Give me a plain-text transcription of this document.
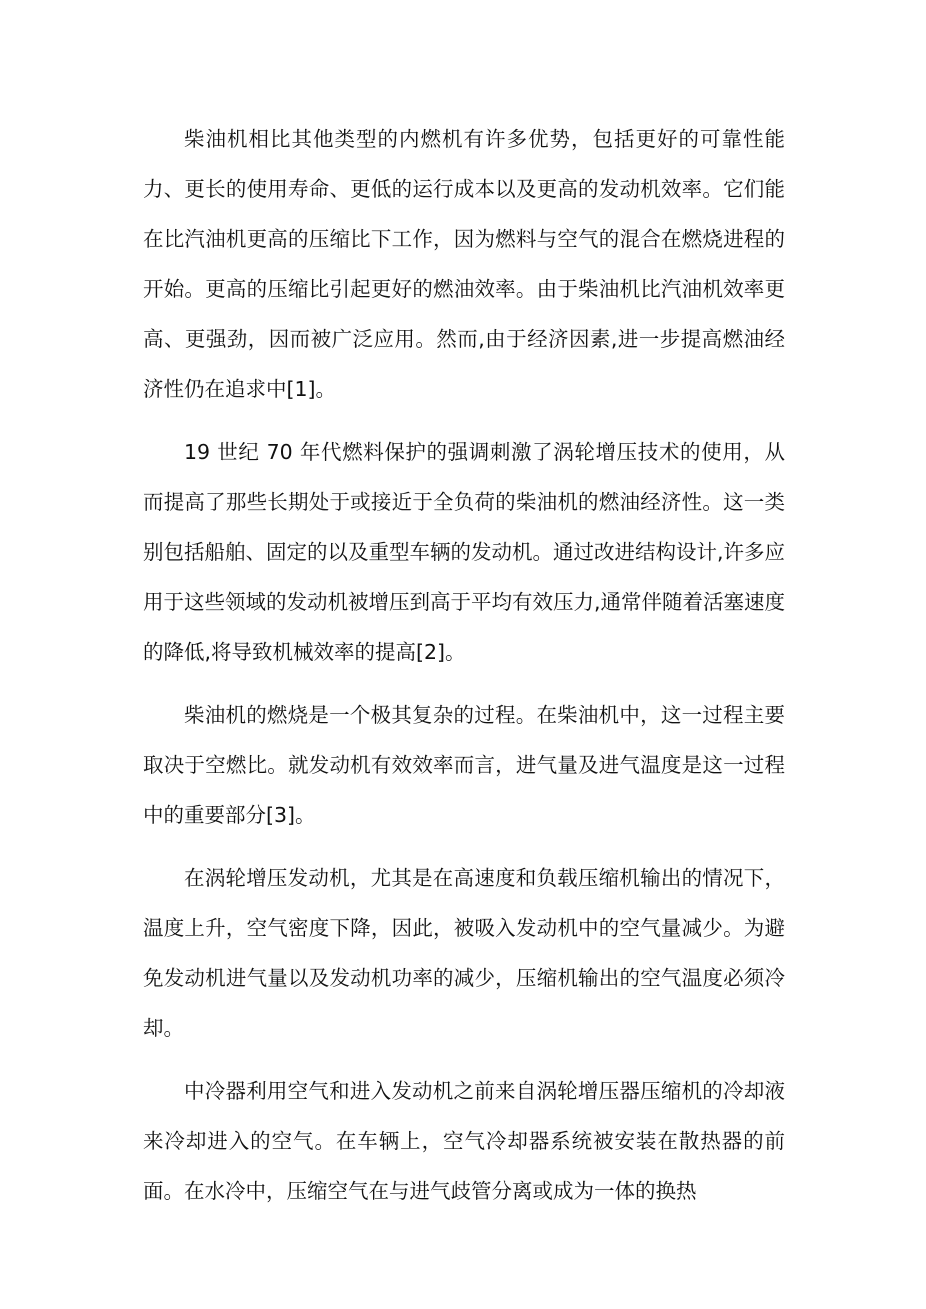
柴油机相比其他类型的内燃机有许多优势，包括更好的可靠性能力、更长的使用寿命、更低的运行成本以及更高的发动机效率。它们能在比汽油机更高的压缩比下工作，因为燃料与空气的混合在燃烧进程的开始。更高的压缩比引起更好的燃油效率。由于柴油机比汽油机效率更高、更强劲，因而被广泛应用。然而,由于经济因素,进一步提高燃油经济性仍在追求中[1]。

19 世纪 70 年代燃料保护的强调刺激了涡轮增压技术的使用，从而提高了那些长期处于或接近于全负荷的柴油机的燃油经济性。这一类别包括船舶、固定的以及重型车辆的发动机。通过改进结构设计,许多应用于这些领域的发动机被增压到高于平均有效压力,通常伴随着活塞速度的降低,将导致机械效率的提高[2]。

柴油机的燃烧是一个极其复杂的过程。在柴油机中，这一过程主要取决于空燃比。就发动机有效效率而言，进气量及进气温度是这一过程中的重要部分[3]。

在涡轮增压发动机，尤其是在高速度和负载压缩机输出的情况下，温度上升，空气密度下降，因此，被吸入发动机中的空气量减少。为避免发动机进气量以及发动机功率的减少，压缩机输出的空气温度必须冷却。

中冷器利用空气和进入发动机之前来自涡轮增压器压缩机的冷却液来冷却进入的空气。在车辆上，空气冷却器系统被安装在散热器的前面。在水冷中，压缩空气在与进气歧管分离或成为一体的换热
